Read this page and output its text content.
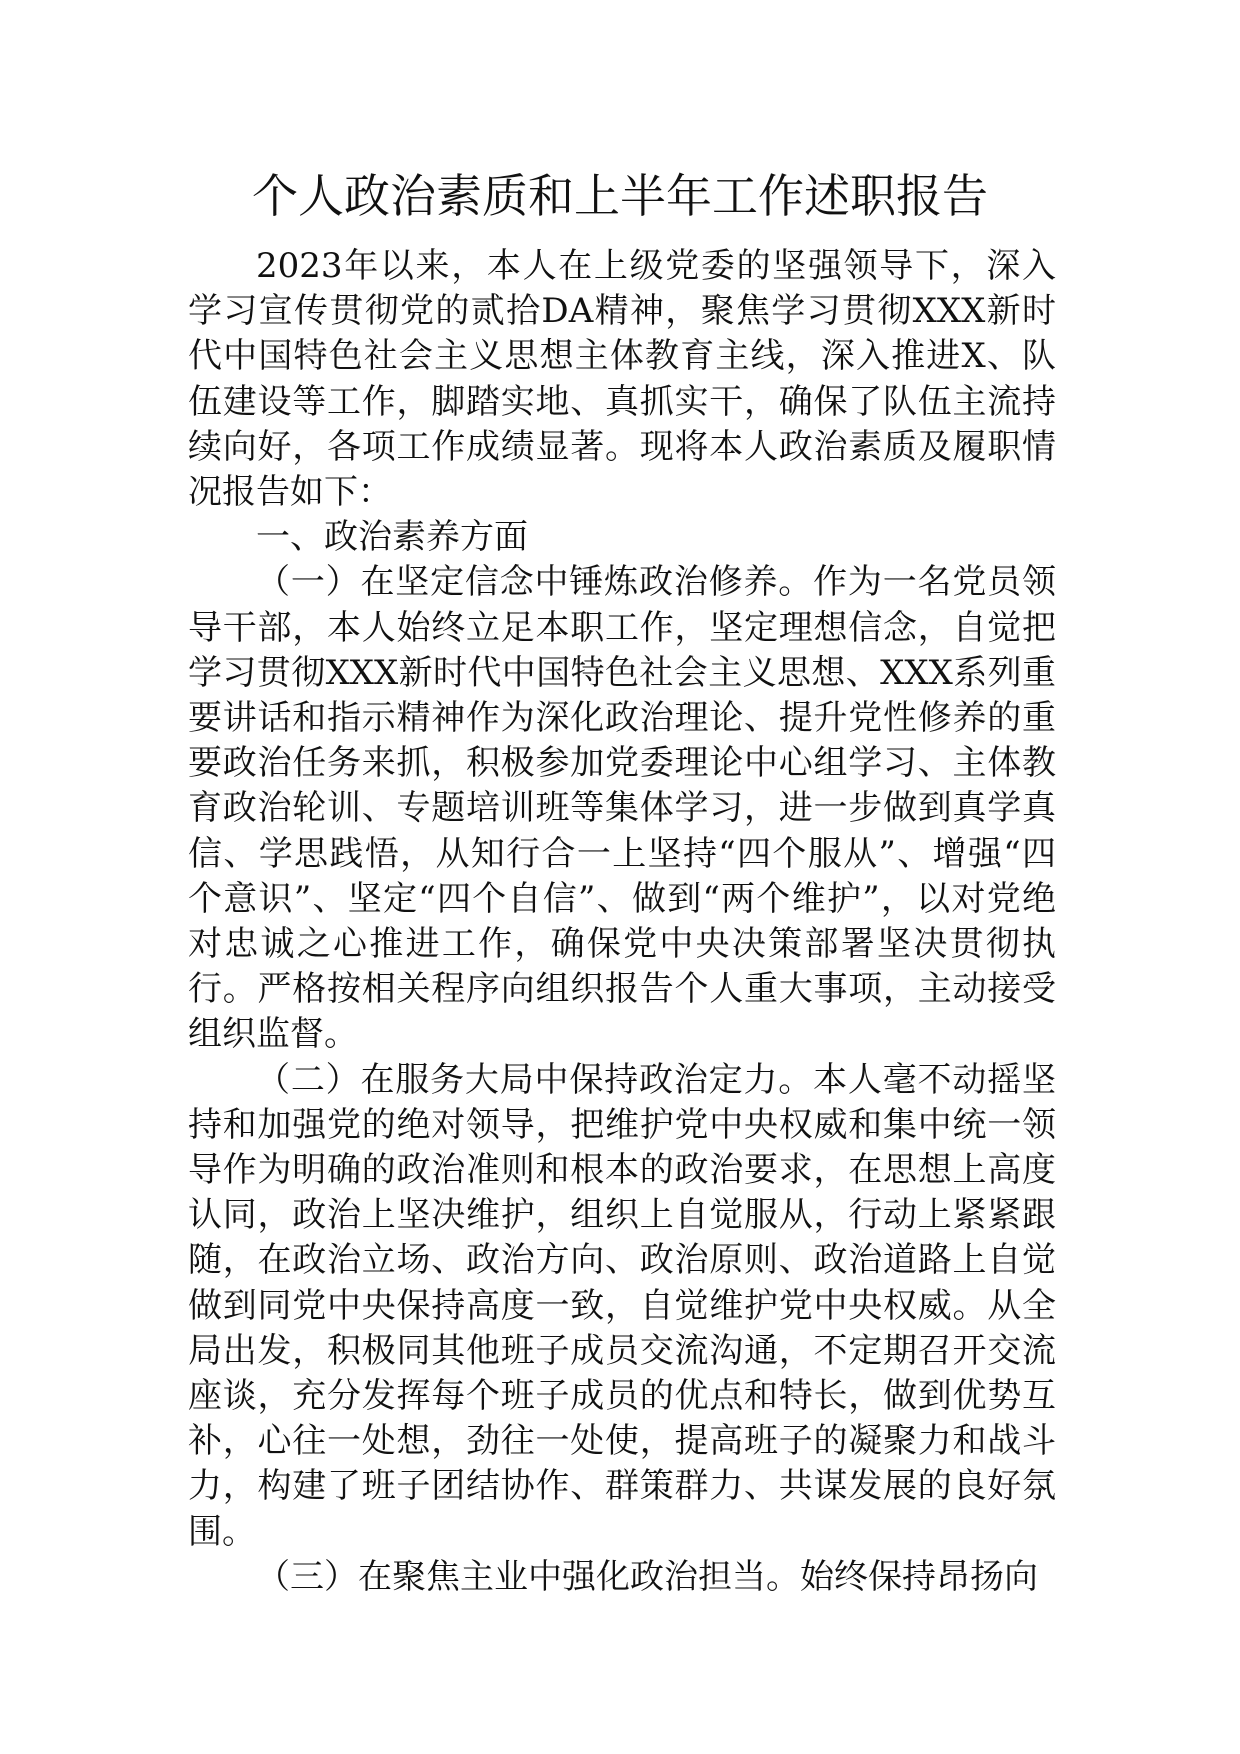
个人政治素质和上半年工作述职报告

2023年以来，本人在上级党委的坚强领导下，深入学习宣传贯彻党的贰拾DA精神，聚焦学习贯彻XXX新时代中国特色社会主义思想主体教育主线，深入推进X、队伍建设等工作，脚踏实地、真抓实干，确保了队伍主流持续向好，各项工作成绩显著。现将本人政治素质及履职情况报告如下：

一、政治素养方面

（一）在坚定信念中锤炼政治修养。作为一名党员领导干部，本人始终立足本职工作，坚定理想信念，自觉把学习贯彻XXX新时代中国特色社会主义思想、XXX系列重要讲话和指示精神作为深化政治理论、提升党性修养的重要政治任务来抓，积极参加党委理论中心组学习、主体教育政治轮训、专题培训班等集体学习，进一步做到真学真信、学思践悟，从知行合一上坚持“四个服从”、增强“四个意识”、坚定“四个自信”、做到“两个维护”，以对党绝对忠诚之心推进工作，确保党中央决策部署坚决贯彻执行。严格按相关程序向组织报告个人重大事项，主动接受组织监督。

（二）在服务大局中保持政治定力。本人毫不动摇坚持和加强党的绝对领导，把维护党中央权威和集中统一领导作为明确的政治准则和根本的政治要求，在思想上高度认同，政治上坚决维护，组织上自觉服从，行动上紧紧跟随，在政治立场、政治方向、政治原则、政治道路上自觉做到同党中央保持高度一致，自觉维护党中央权威。从全局出发，积极同其他班子成员交流沟通，不定期召开交流座谈，充分发挥每个班子成员的优点和特长，做到优势互补，心往一处想，劲往一处使，提高班子的凝聚力和战斗力，构建了班子团结协作、群策群力、共谋发展的良好氛围。

（三）在聚焦主业中强化政治担当。始终保持昂扬向
